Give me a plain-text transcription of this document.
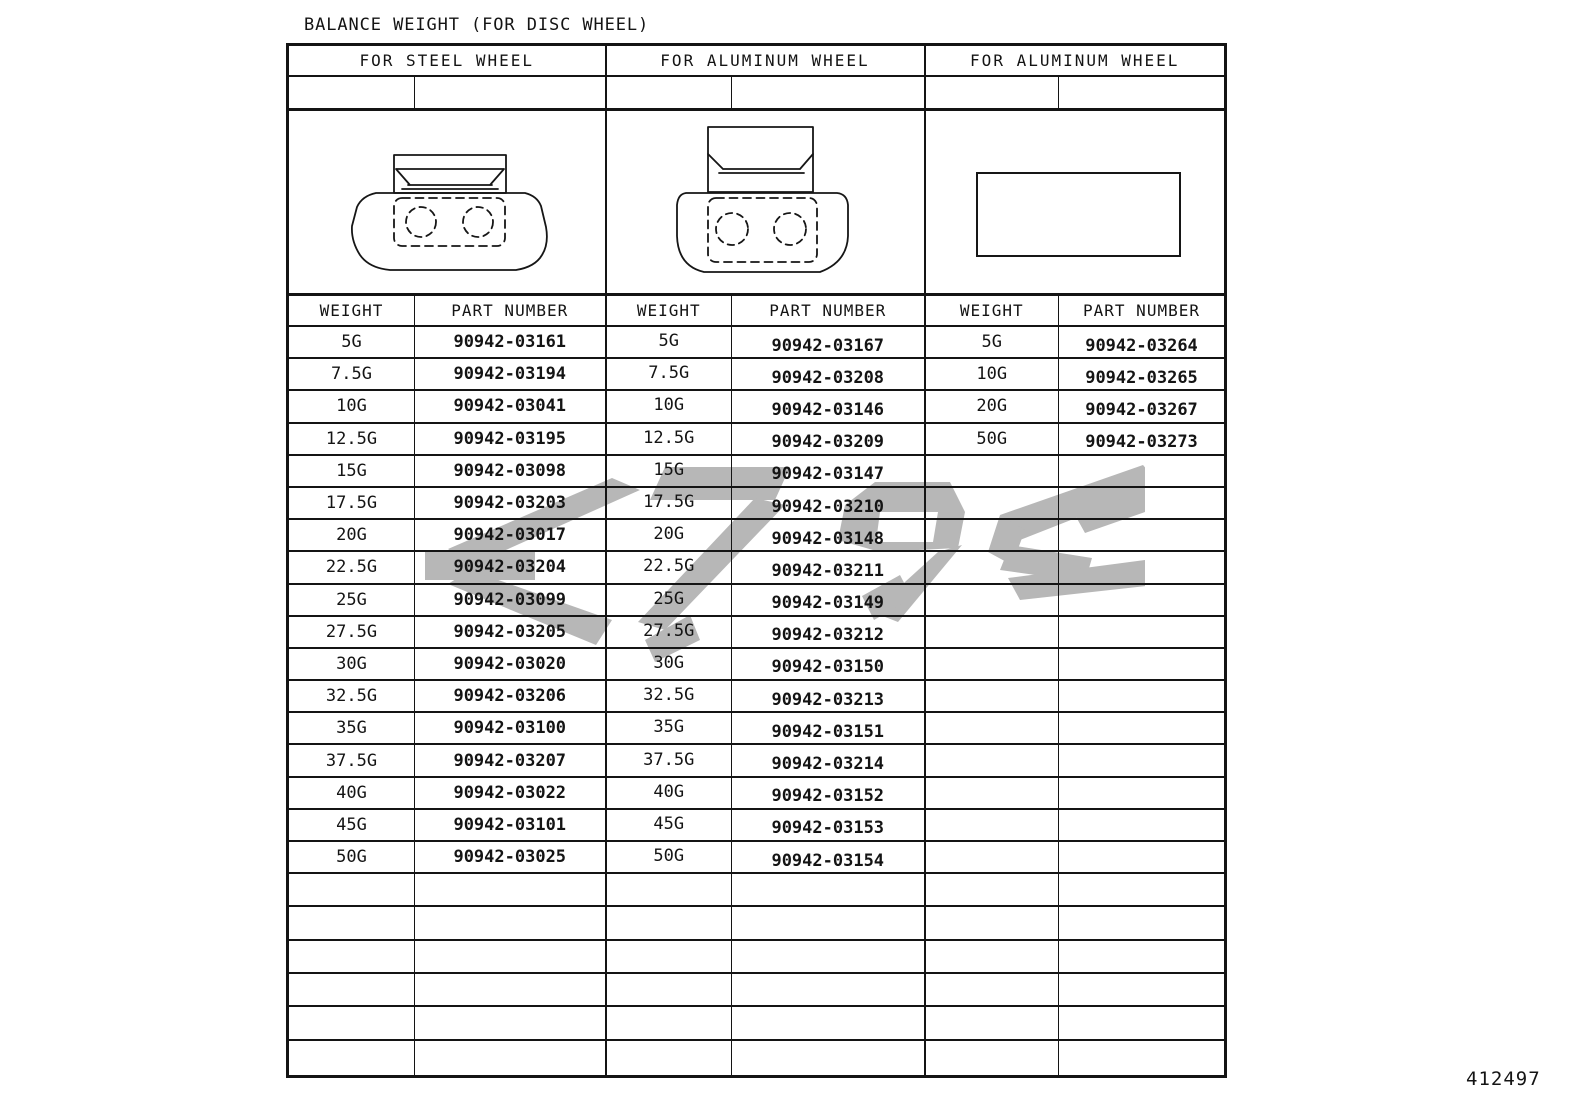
BALANCE WEIGHT (FOR DISC WHEEL)
FOR STEEL WHEEL
WEIGHT	PART NUMBER
5G	90942-03161
7.5G	90942-03194
10G	90942-03041
12.5G	90942-03195
15G	90942-03098
17.5G	90942-03203
20G	90942-03017
22.5G	90942-03204
25G	90942-03099
27.5G	90942-03205
30G	90942-03020
32.5G	90942-03206
35G	90942-03100
37.5G	90942-03207
40G	90942-03022
45G	90942-03101
50G	90942-03025
FOR ALUMINUM WHEEL
WEIGHT	PART NUMBER
5G	90942-03167
7.5G	90942-03208
10G	90942-03146
12.5G	90942-03209
15G	90942-03147
17.5G	90942-03210
20G	90942-03148
22.5G	90942-03211
25G	90942-03149
27.5G	90942-03212
30G	90942-03150
32.5G	90942-03213
35G	90942-03151
37.5G	90942-03214
40G	90942-03152
45G	90942-03153
50G	90942-03154
FOR ALUMINUM WHEEL
WEIGHT	PART NUMBER
5G	90942-03264
10G	90942-03265
20G	90942-03267
50G	90942-03273
412497
